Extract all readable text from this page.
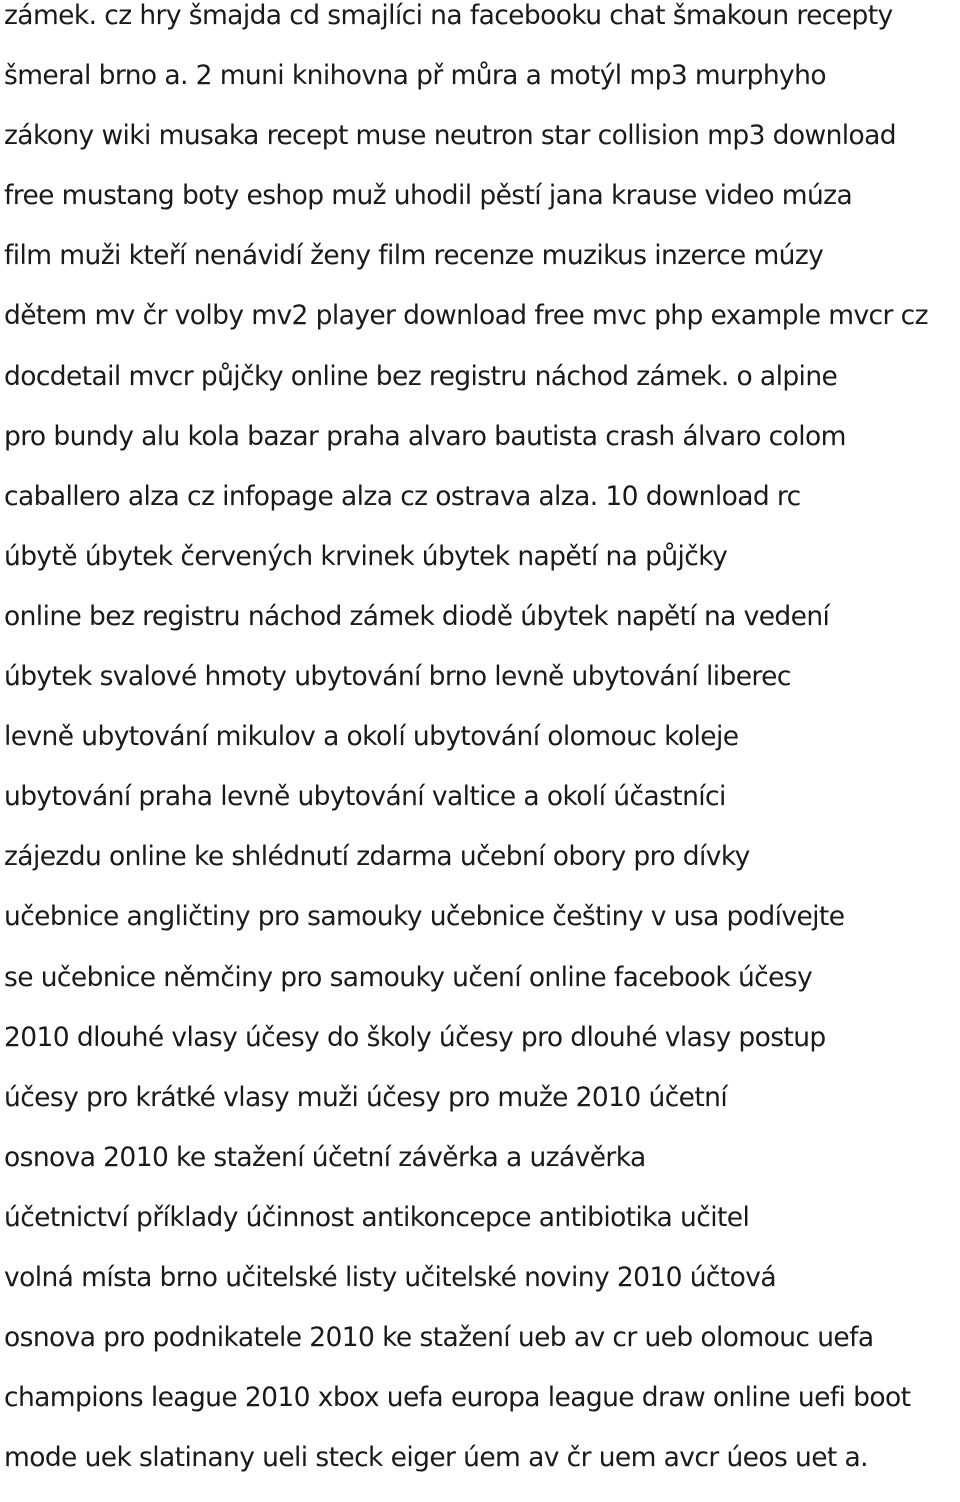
zámek. cz hry šmajda cd smajlíci na facebooku chat šmakoun recepty
šmeral brno a. 2 muni knihovna př můra a motýl mp3 murphyho
zákony wiki musaka recept muse neutron star collision mp3 download
free mustang boty eshop muž uhodil pěstí jana krause video múza
film muži kteří nenávidí ženy film recenze muzikus inzerce múzy
dětem mv čr volby mv2 player download free mvc php example mvcr cz
docdetail mvcr půjčky online bez registru náchod zámek. o alpine
pro bundy alu kola bazar praha alvaro bautista crash álvaro colom
caballero alza cz infopage alza cz ostrava alza. 10 download rc
úbytě úbytek červených krvinek úbytek napětí na půjčky
online bez registru náchod zámek diodě úbytek napětí na vedení
úbytek svalové hmoty ubytování brno levně ubytování liberec
levně ubytování mikulov a okolí ubytování olomouc koleje
ubytování praha levně ubytování valtice a okolí účastníci
zájezdu online ke shlédnutí zdarma učební obory pro dívky
učebnice angličtiny pro samouky učebnice češtiny v usa podívejte
se učebnice němčiny pro samouky učení online facebook účesy
2010 dlouhé vlasy účesy do školy účesy pro dlouhé vlasy postup
účesy pro krátké vlasy muži účesy pro muže 2010 účetní
osnova 2010 ke stažení účetní závěrka a uzávěrka
účetnictví příklady účinnost antikoncepce antibiotika učitel
volná místa brno učitelské listy učitelské noviny 2010 účtová
osnova pro podnikatele 2010 ke stažení ueb av cr ueb olomouc uefa
champions league 2010 xbox uefa europa league draw online uefi boot
mode uek slatinany ueli steck eiger úem av čr uem avcr úeos uet a.
